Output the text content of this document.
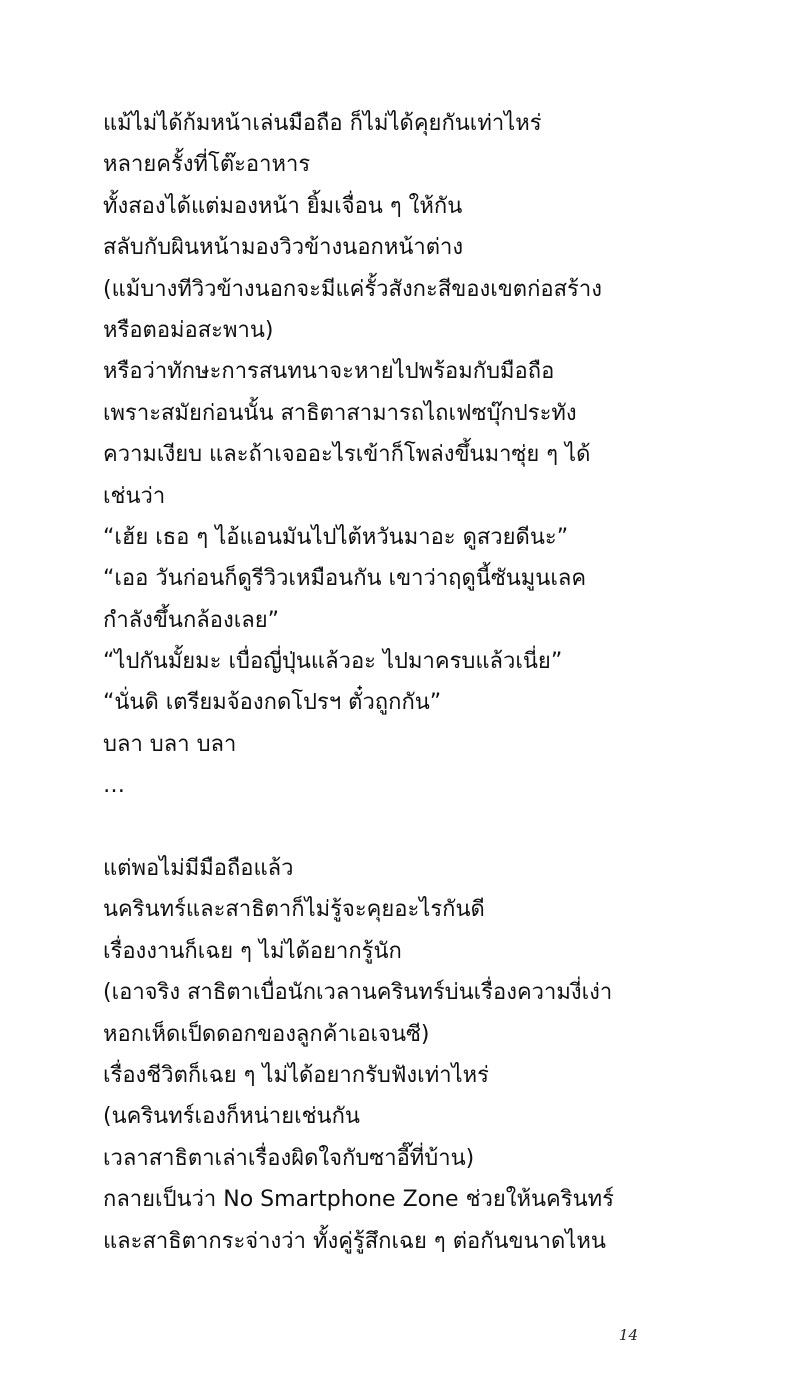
แม้ไม่ได้ก้มหน้าเล่นมือถือ ก็ไม่ได้คุยกันเท่าไหร่
หลายครั้งที่โต๊ะอาหาร
ทั้งสองได้แต่มองหน้า ยิ้มเจื่อน ๆ ให้กัน
สลับกับผินหน้ามองวิวข้างนอกหน้าต่าง
(แม้บางทีวิวข้างนอกจะมีแค่รั้วสังกะสีของเขตก่อสร้าง
หรือตอม่อสะพาน)
หรือว่าทักษะการสนทนาจะหายไปพร้อมกับมือถือ
เพราะสมัยก่อนนั้น สาธิตาสามารถไถเฟซบุ๊กประทัง
ความเงียบ และถ้าเจออะไรเข้าก็โพล่งขึ้นมาซุ่ย ๆ ได้
เช่นว่า
“เฮ้ย เธอ ๆ ไอ้แอนมันไปไต้หวันมาอะ ดูสวยดีนะ”
“เออ วันก่อนก็ดูรีวิวเหมือนกัน เขาว่าฤดูนี้ซันมูนเลค
กำลังขึ้นกล้องเลย”
“ไปกันมั้ยมะ เบื่อญี่ปุ่นแล้วอะ ไปมาครบแล้วเนี่ย”
“นั่นดิ เตรียมจ้องกดโปรฯ ตั๋วถูกกัน”
บลา บลา บลา
…
แต่พอไม่มีมือถือแล้ว
นครินทร์และสาธิตาก็ไม่รู้จะคุยอะไรกันดี
เรื่องงานก็เฉย ๆ ไม่ได้อยากรู้นัก
(เอาจริง สาธิตาเบื่อนักเวลานครินทร์บ่นเรื่องความงี่เง่า
หอกเห็ดเป็ดดอกของลูกค้าเอเจนซี)
เรื่องชีวิตก็เฉย ๆ ไม่ได้อยากรับฟังเท่าไหร่
(นครินทร์เองก็หน่ายเช่นกัน
เวลาสาธิตาเล่าเรื่องผิดใจกับซาอี๊ที่บ้าน)
กลายเป็นว่า No Smartphone Zone ช่วยให้นครินทร์
และสาธิตากระจ่างว่า ทั้งคู่รู้สึกเฉย ๆ ต่อกันขนาดไหน
14
